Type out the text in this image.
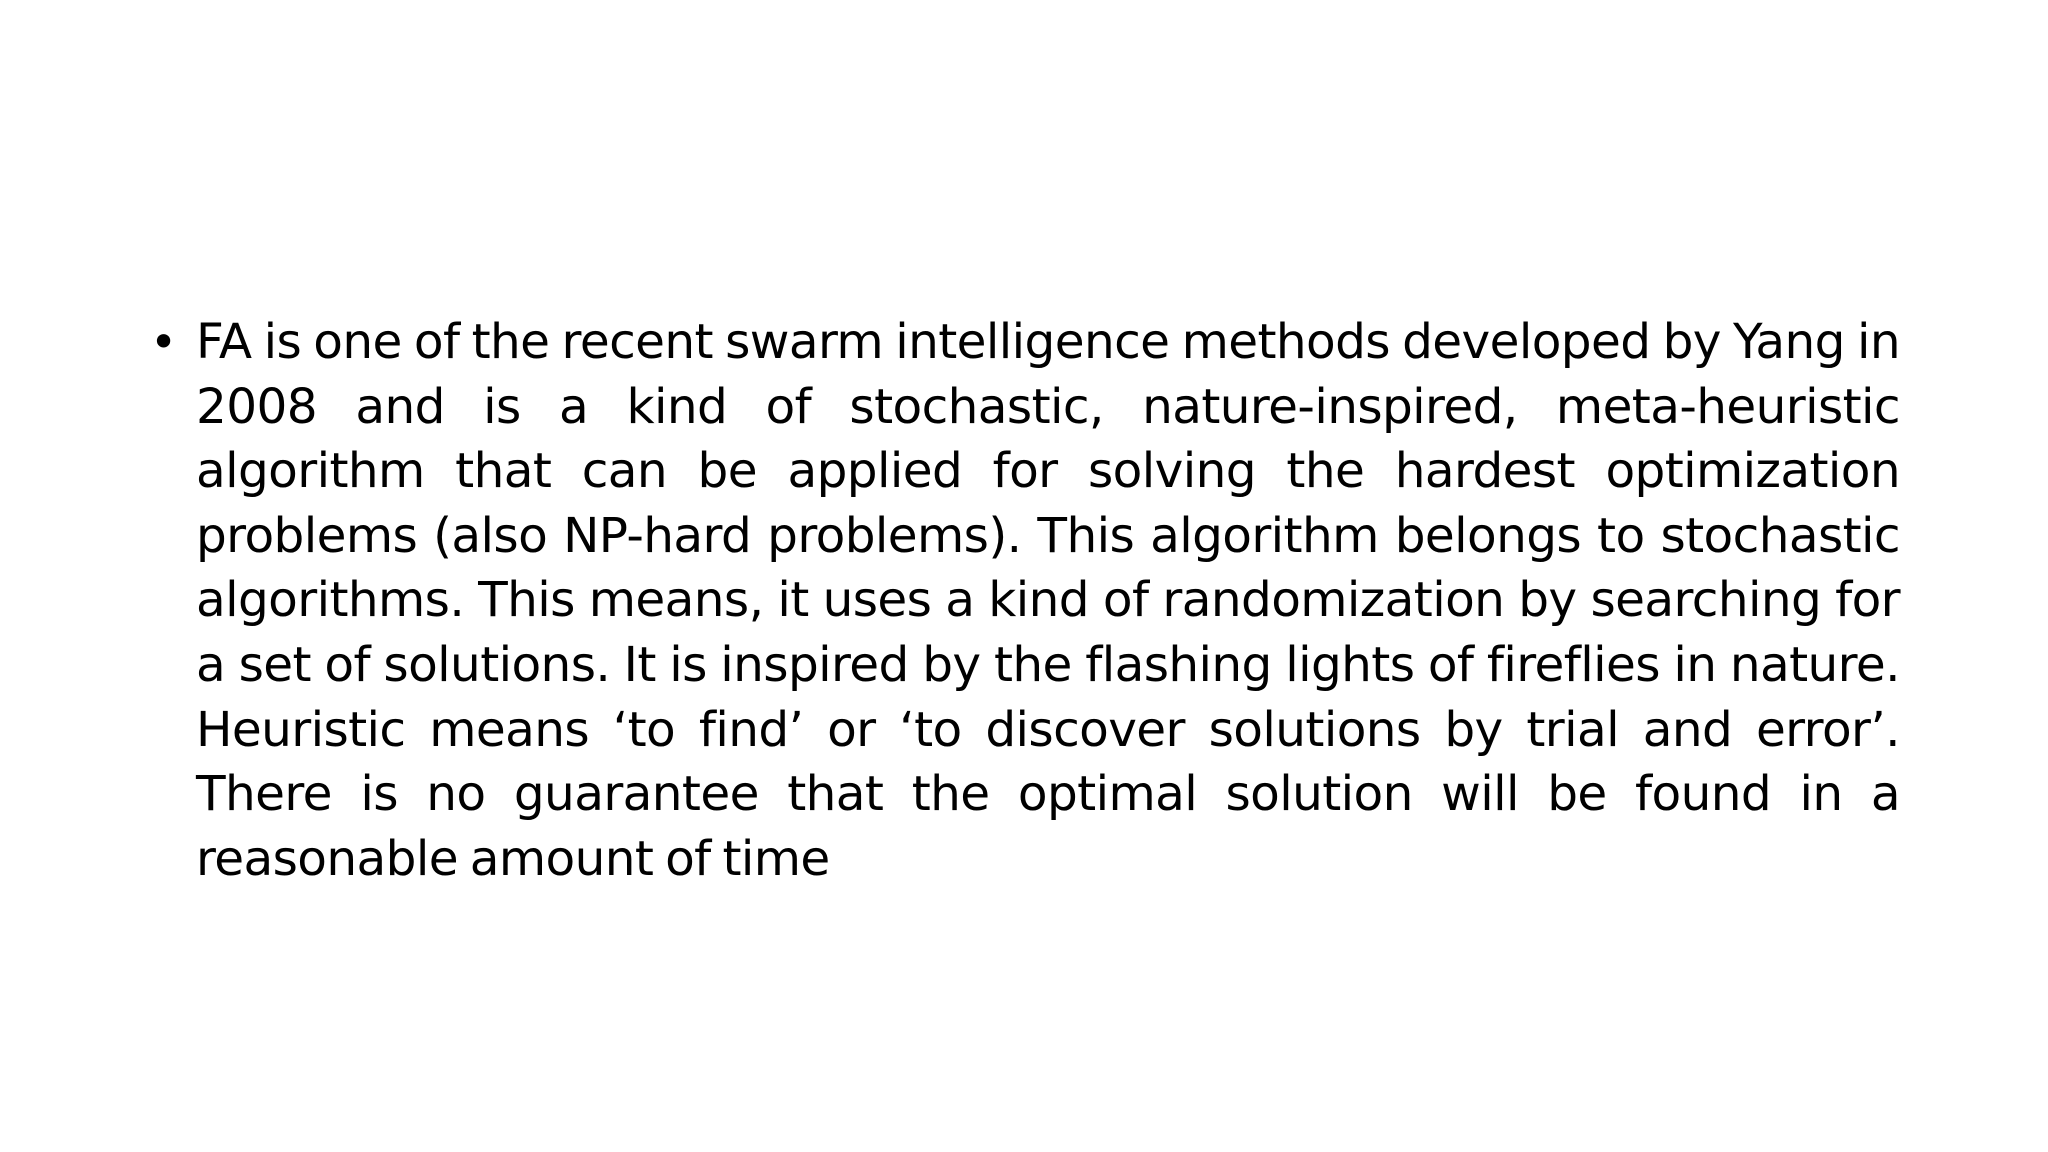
• FA is one of the recent swarm intelligence methods developed by Yang in 2008 and is a kind of stochastic, nature-inspired, meta-heuristic algorithm that can be applied for solving the hardest optimization problems (also NP-hard problems). This algorithm belongs to stochastic algorithms. This means, it uses a kind of randomization by searching for a set of solutions. It is inspired by the flashing lights of fireflies in nature. Heuristic means ‘to find’ or ‘to discover solutions by trial and error’. There is no guarantee that the optimal solution will be found in a reasonable amount of time
